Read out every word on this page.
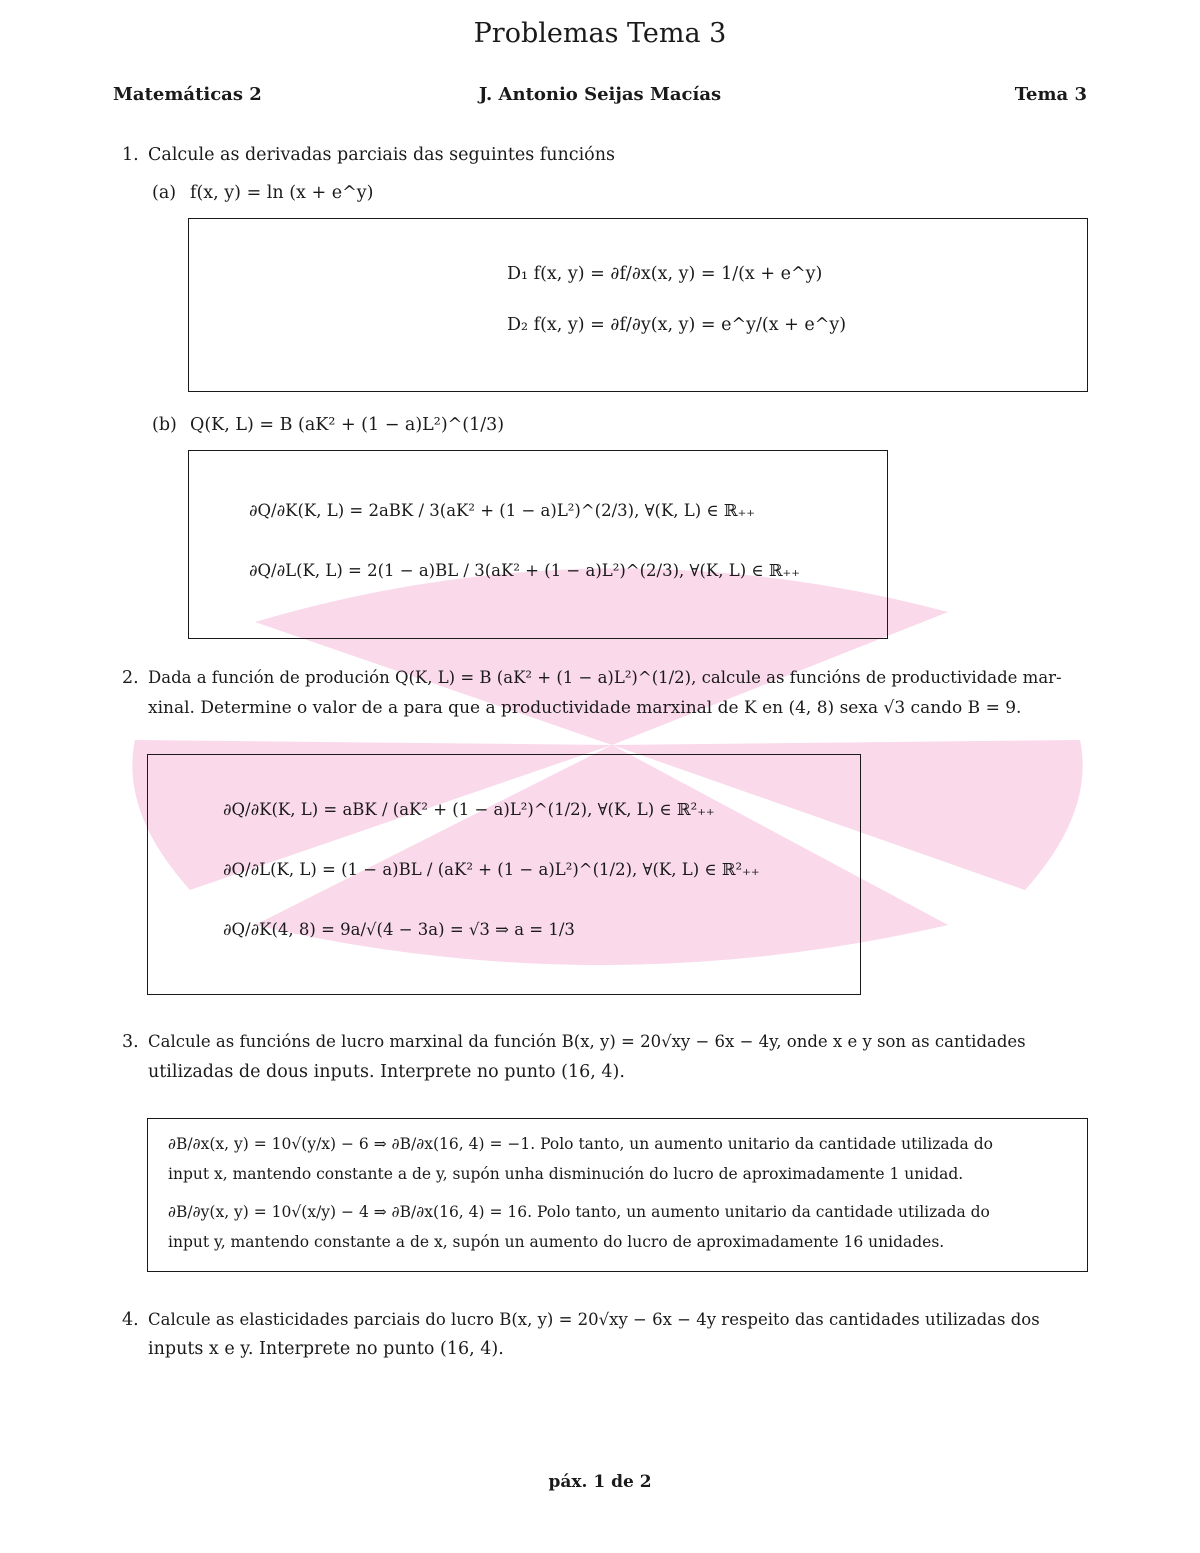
Problemas Tema 3
Matemáticas 2	J. Antonio Seijas Macías	Tema 3
1. Calcule as derivadas parciais das seguintes funcións
(a) f(x, y) = ln (x + e^y)
D₁ f(x, y) = ∂f/∂x(x, y) = 1/(x + e^y)
D₂ f(x, y) = ∂f/∂y(x, y) = e^y/(x + e^y)
(b) Q(K, L) = B (aK² + (1 − a)L²)^(1/3)
∂Q/∂K(K, L) = 2aBK / 3(aK² + (1 − a)L²)^(2/3), ∀(K, L) ∈ ℝ₊₊
∂Q/∂L(K, L) = 2(1 − a)BL / 3(aK² + (1 − a)L²)^(2/3), ∀(K, L) ∈ ℝ₊₊
2. Dada a función de produción Q(K, L) = B (aK² + (1 − a)L²)^(1/2), calcule as funcións de productividade mar-
xinal. Determine o valor de a para que a productividade marxinal de K en (4, 8) sexa √3 cando B = 9.
∂Q/∂K(K, L) = aBK / (aK² + (1 − a)L²)^(1/2), ∀(K, L) ∈ ℝ²₊₊
∂Q/∂L(K, L) = (1 − a)BL / (aK² + (1 − a)L²)^(1/2), ∀(K, L) ∈ ℝ²₊₊
∂Q/∂K(4, 8) = 9a/√(4 − 3a) = √3 ⇒ a = 1/3
3. Calcule as funcións de lucro marxinal da función B(x, y) = 20√xy − 6x − 4y, onde x e y son as cantidades
utilizadas de dous inputs. Interprete no punto (16, 4).
∂B/∂x(x, y) = 10√(y/x) − 6 ⇒ ∂B/∂x(16, 4) = −1. Polo tanto, un aumento unitario da cantidade utilizada do
input x, mantendo constante a de y, supón unha disminución do lucro de aproximadamente 1 unidad.
∂B/∂y(x, y) = 10√(x/y) − 4 ⇒ ∂B/∂x(16, 4) = 16. Polo tanto, un aumento unitario da cantidade utilizada do
input y, mantendo constante a de x, supón un aumento do lucro de aproximadamente 16 unidades.
4. Calcule as elasticidades parciais do lucro B(x, y) = 20√xy − 6x − 4y respeito das cantidades utilizadas dos
inputs x e y. Interprete no punto (16, 4).
páx. 1 de 2
